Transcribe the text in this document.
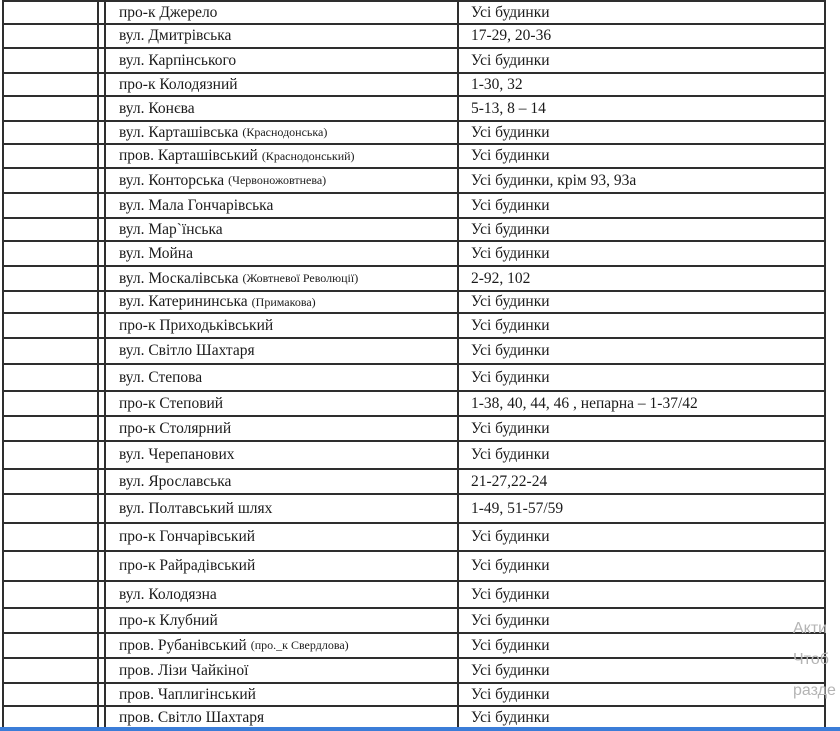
про-к Джерело	Усі будинки
вул. Дмитрівська	17-29, 20-36
вул. Карпінського	Усі будинки
про-к Колодязний	1-30, 32
вул. Конєва	5-13, 8 – 14
вул. Карташівська (Краснодонська)	Усі будинки
пров. Карташівський (Краснодонський)	Усі будинки
вул. Конторська (Червоножовтнева)	Усі будинки, крім 93, 93а
вул. Мала Гончарівська	Усі будинки
вул. Мар`їнська	Усі будинки
вул. Мойна	Усі будинки
вул. Москалівська (Жовтневої Революції)	2-92, 102
вул. Катерининська (Примакова)	Усі будинки
про-к Приходьківський	Усі будинки
вул. Світло Шахтаря	Усі будинки
вул. Степова	Усі будинки
про-к Степовий	1-38, 40, 44, 46 , непарна – 1-37/42
про-к Столярний	Усі будинки
вул. Черепанових	Усі будинки
вул. Ярославська	21-27,22-24
вул. Полтавський шлях	1-49, 51-57/59
про-к Гончарівський	Усі будинки
про-к Райрадівський	Усі будинки
вул. Колодязна	Усі будинки
про-к Клубний	Усі будинки
пров. Рубанівський (про._к Свердлова)	Усі будинки
пров. Лізи Чайкіної	Усі будинки
пров. Чаплигінський	Усі будинки
пров. Світло Шахтаря	Усі будинки
Акти
Чтоб
разде
